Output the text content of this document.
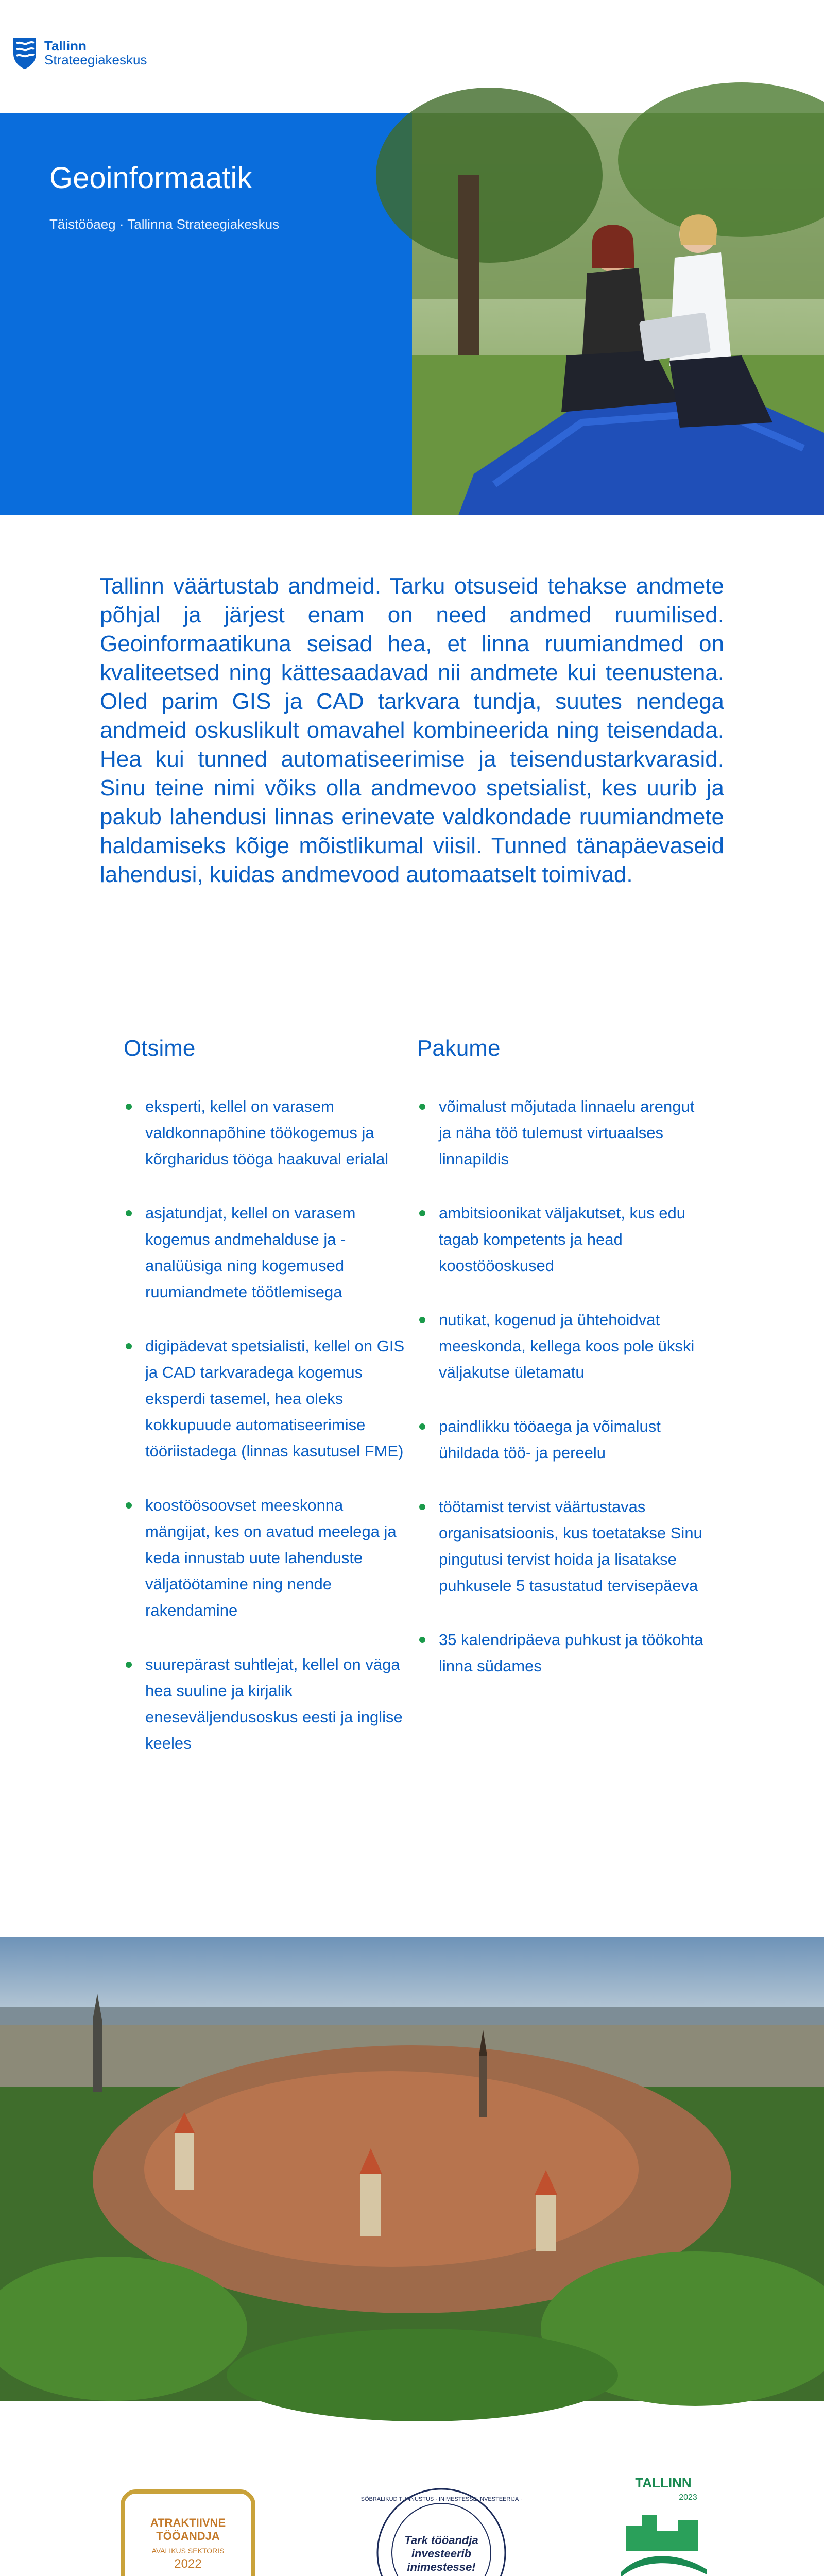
Tallinn
Strateegiakeskus
Geoinformaatik
Täistööaeg · Tallinna Strateegiakeskus

Tallinn väärtustab andmeid. Tarku otsuseid tehakse andmete põhjal ja järjest enam on need andmed ruumilised. Geoinformaatikuna seisad hea, et linna ruumiandmed on kvaliteetsed ning kättesaadavad nii andmete kui teenustena. Oled parim GIS ja CAD tarkvara tundja, suutes nendega andmeid oskuslikult omavahel kombineerida ning teisendada. Hea kui tunned automatiseerimise ja teisendustarkvarasid. Sinu teine nimi võiks olla andmevoo spetsialist, kes uurib ja pakub lahendusi linnas erinevate valdkondade ruumiandmete haldamiseks kõige mõistlikumal viisil. Tunned tänapäevaseid lahendusi, kuidas andmevood automaatselt toimivad.

Otsime
eksperti, kellel on varasem valdkonnapõhine töökogemus ja kõrgharidus tööga haakuval erialal
asjatundjat, kellel on varasem kogemus andmehalduse ja -analüüsiga ning kogemused ruumiandmete töötlemisega
digipädevat spetsialisti, kellel on GIS ja CAD tarkvaradega kogemus eksperdi tasemel, hea oleks kokkupuude automatiseerimise tööriistadega (linnas kasutusel FME)
koostöösoovset meeskonna mängijat, kes on avatud meelega ja keda innustab uute lahenduste väljatöötamine ning nende rakendamine
suurepärast suhtlejat, kellel on väga hea suuline ja kirjalik eneseväljendusoskus eesti ja inglise keeles
Pakume
võimalust mõjutada linnaelu arengut ja näha töö tulemust virtuaalses linnapildis
ambitsioonikat väljakutset, kus edu tagab kompetents ja head koostööoskused
nutikat, kogenud ja ühtehoidvat meeskonda, kellega koos pole ükski väljakutse ületamatu
paindlikku tööaega ja võimalust ühildada töö- ja pereelu
töötamist tervist väärtustavas organisatsioonis, kus toetatakse Sinu pingutusi tervist hoida ja lisatakse puhkusele 5 tasustatud tervisepäeva
35 kalendripäeva puhkust ja töökohta linna südames
ATRAKTIIVNE
TÖÖANDJA
AVALIKUS SEKTORIS
2022
SÕBRALIKUD TUNNUSTUS · INIMESTESSE INVESTEERIJA ·
Tark tööandja
investeerib
inimestesse!
TALLINN
2023
